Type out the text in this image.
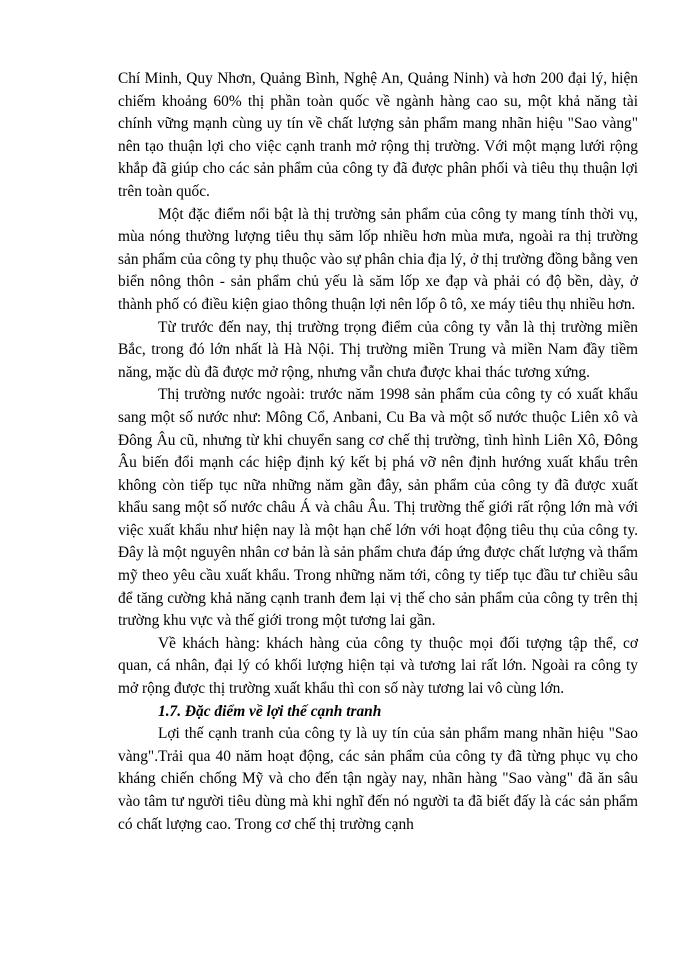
Chí Minh, Quy Nhơn, Quảng Bình, Nghệ An, Quảng Ninh) và hơn 200 đại lý, hiện chiếm khoảng 60% thị phần toàn quốc về ngành hàng cao su, một khả năng tài chính vững mạnh cùng uy tín về chất lượng sản phẩm mang nhãn hiệu "Sao vàng" nên tạo thuận lợi cho việc cạnh tranh mở rộng thị trường. Với một mạng lưới rộng khắp đã giúp cho các sản phẩm của công ty đã được phân phối và tiêu thụ thuận lợi trên toàn quốc.

Một đặc điểm nổi bật là thị trường sản phẩm của công ty mang tính thời vụ, mùa nóng thường lượng tiêu thụ săm lốp nhiều hơn mùa mưa, ngoài ra thị trường sản phẩm của công ty phụ thuộc vào sự phân chia địa lý, ở thị trường đồng bằng ven biển nông thôn - sản phẩm chủ yếu là săm lốp xe đạp và phải có độ bền, dày, ở thành phố có điều kiện giao thông thuận lợi nên lốp ô tô, xe máy tiêu thụ nhiều hơn.

Từ trước đến nay, thị trường trọng điểm của công ty vẫn là thị trường miền Bắc, trong đó lớn nhất là Hà Nội. Thị trường miền Trung và miền Nam đầy tiềm năng, mặc dù đã được mở rộng, nhưng vẫn chưa được khai thác tương xứng.

Thị trường nước ngoài: trước năm 1998 sản phẩm của công ty có xuất khẩu sang một số nước như: Mông Cổ, Anbani, Cu Ba và một số nước thuộc Liên xô và Đông Âu cũ, nhưng từ khi chuyển sang cơ chế thị trường, tình hình Liên Xô, Đông Âu biến đổi mạnh các hiệp định ký kết bị phá vỡ nên định hướng xuất khẩu trên không còn tiếp tục nữa những năm gần đây, sản phẩm của công ty đã được xuất khẩu sang một số nước châu Á và châu Âu. Thị trường thế giới rất rộng lớn mà với việc xuất khẩu như hiện nay là một hạn chế lớn với hoạt động tiêu thụ của công ty. Đây là một nguyên nhân cơ bản là sản phẩm chưa đáp ứng được chất lượng và thẩm mỹ theo yêu cầu xuất khẩu. Trong những năm tới, công ty tiếp tục đầu tư chiều sâu để tăng cường khả năng cạnh tranh đem lại vị thế cho sản phẩm của công ty trên thị trường khu vực và thế giới trong một tương lai gần.

Về khách hàng: khách hàng của công ty thuộc mọi đối tượng tập thể, cơ quan, cá nhân, đại lý có khối lượng hiện tại và tương lai rất lớn. Ngoài ra công ty mở rộng được thị trường xuất khẩu thì con số này tương lai vô cùng lớn.

1.7. Đặc điểm về lợi thế cạnh tranh

Lợi thế cạnh tranh của công ty là uy tín của sản phẩm mang nhãn hiệu "Sao vàng".Trải qua 40 năm hoạt động, các sản phẩm của công ty đã từng phục vụ cho kháng chiến chống Mỹ và cho đến tận ngày nay, nhãn hàng "Sao vàng" đã ăn sâu vào tâm tư người tiêu dùng mà khi nghĩ đến nó người ta đã biết đấy là các sản phẩm có chất lượng cao. Trong cơ chế thị trường cạnh
